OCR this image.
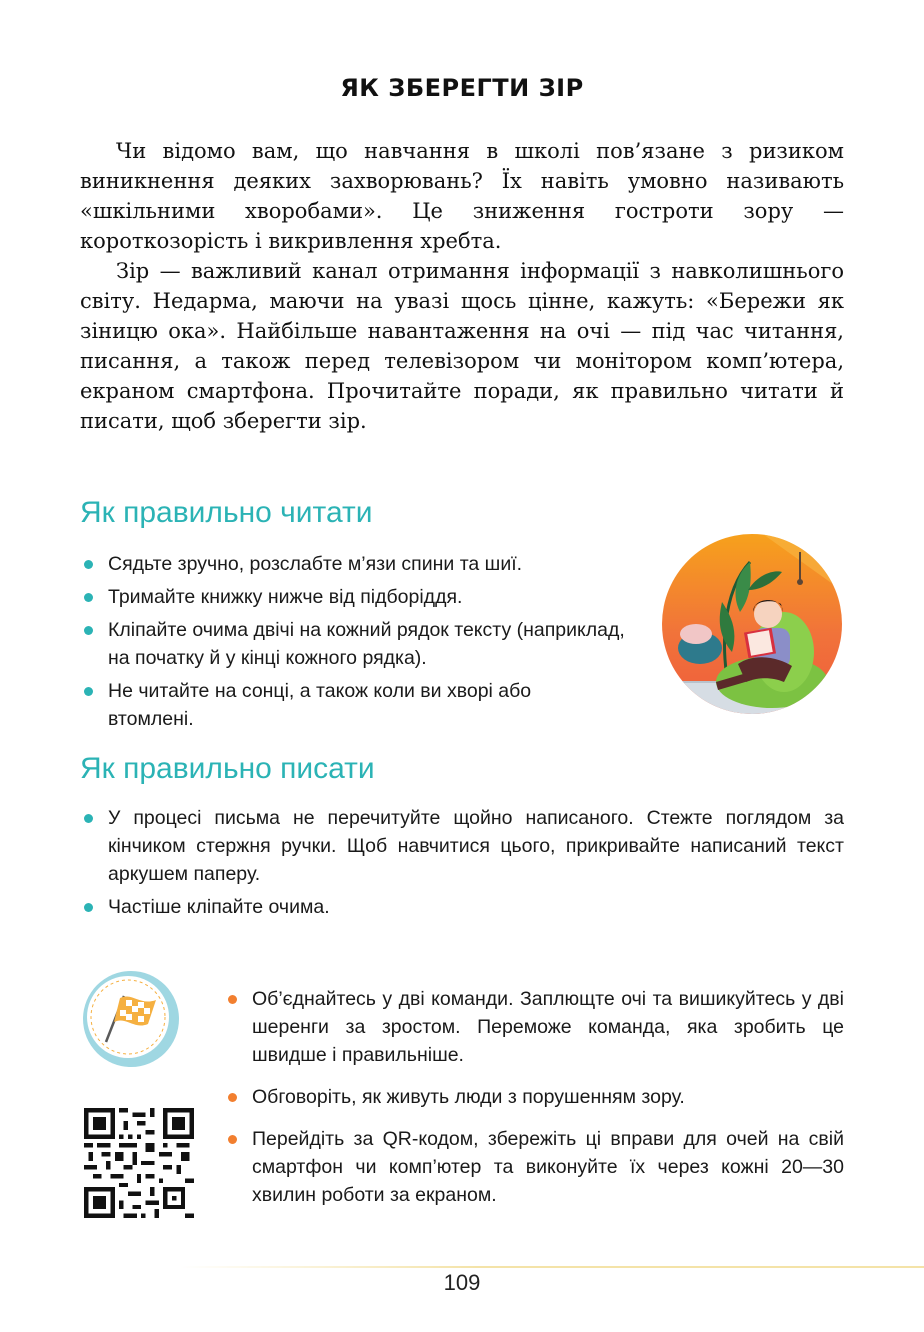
ЯК ЗБЕРЕГТИ ЗІР

Чи відомо вам, що навчання в школі пов’язане з ризиком виникнення деяких захворювань? Їх навіть умовно називають «шкільними хворобами». Це зниження гостроти зору — короткозорість і викривлення хребта.

Зір — важливий канал отримання інформації з навколишнього світу. Недарма, маючи на увазі щось цінне, кажуть: «Бережи як зіницю ока». Найбільше навантаження на очі — під час читання, писання, а також перед телевізором чи монітором комп’ютера, екраном смартфона. Прочитайте поради, як правильно читати й писати, щоб зберегти зір.

Як правильно читати
Сядьте зручно, розслабте м’язи спини та шиї.
Тримайте книжку нижче від підборіддя.
Кліпайте очима двічі на кожний рядок тексту (наприклад, на початку й у кінці кожного рядка).
Не читайте на сонці, а також коли ви хворі або втомлені.
Як правильно писати
У процесі письма не перечитуйте щойно написаного. Стежте поглядом за кінчиком стержня ручки. Щоб навчитися цього, прикривайте написаний текст аркушем паперу.
Частіше кліпайте очима.
Об’єднайтесь у дві команди. Заплющте очі та вишикуйтесь у дві шеренги за зростом. Переможе команда, яка зробить це швидше і правильніше.
Обговоріть, як живуть люди з порушенням зору.
Перейдіть за QR-кодом, збережіть ці вправи для очей на свій смартфон чи комп’ютер та виконуйте їх через кожні 20—30 хвилин роботи за екраном.
109
